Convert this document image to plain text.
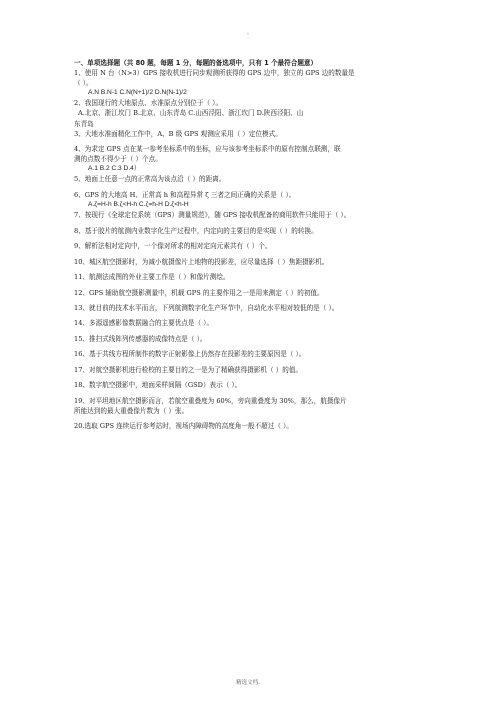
·
一、单项选择题（共 80 题，每题 1 分，每题的备选项中，只有 1 个最符合题意）
1、使用 N 台（N>3）GPS 接收机进行同步观测所获得的 GPS 边中，独立的 GPS 边的数量是
（ ）。
A.N B.N-1 C.N(N+1)/2 D.N(N-1)/2
2、我国现行的大地原点、水准原点分别位于（ ）。
A.北京、浙江坎门 B.北京、山东青岛 C.山西泾阳、浙江坎门 D.陕西泾阳、山
东青岛
3、大地水准面精化工作中，A、B 级 GPS 观测应采用（ ）定位模式。
4、为求定 GPS 点在某一参考坐标系中的坐标，应与该参考坐标系中的原有控制点联测，联
测的点数不得少于（ ）个点。
A.1 B.2 C.3 D.4）
5、地面上任意一点的正常高为该点沿（ ）的距离。
6、GPS 的大地高 H、正常高 h 和高程异常 ζ 三者之间正确的关系是（ ）。
A.ζ=H-h B.ζ<H-h C.ζ=h-H D.ζ<h-H
7、按现行《全球定位系统（GPS）测量规范》，随 GPS 接收机配备的商用软件只能用于（ ）。
8、基于胶片的航测内业数字化生产过程中，内定向的主要目的是实现（ ）的转换。
9、解析法相对定向中，一个像对所求的相对定向元素共有（ ）个。
10、城区航空摄影时，为减小航摄像片上地物的投影差，应尽量选择（ ）焦距摄影机。
11、航测法成图的外业主要工作是（ ）和像片测绘。
12、GPS 辅助航空摄影测量中，机载 GPS 的主要作用之一是用来测定（ ）的初值。
13、就目前的技术水平而言，下列航测数字化生产环节中，自动化水平相对较低的是（ ）。
14、多源遥感影像数据融合的主要优点是（ ）。
15、推扫式线阵列传感器的成像特点是（ ）。
16、基于共线方程所制作的数字正射影像上仍然存在投影差的主要原因是（ ）。
17、对航空摄影机进行检校的主要目的之一是为了精确获得摄影机（ ）的值。
18、数字航空摄影中，地面采样间隔（GSD）表示（ ）。
19、对平坦地区航空摄影而言，若航空重叠度为 60%，旁向重叠度为 30%，那么，航摄像片
所能达到的最大重叠像片数为（ ）张。
20.选取 GPS 连续运行参考站时，视场内障碍物的高度角一般不超过（ ）。
精选文档.
